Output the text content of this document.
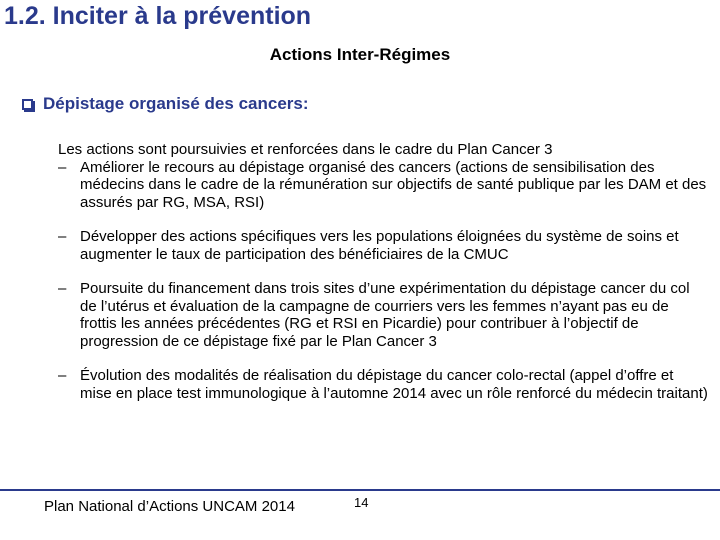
1.2. Inciter à la prévention
Actions Inter-Régimes
Dépistage organisé des cancers:

Les actions sont poursuivies et renforcées dans le cadre du Plan Cancer 3

– Améliorer le recours au dépistage organisé des cancers (actions de sensibilisation des médecins dans le cadre de la rémunération sur objectifs de santé publique par les DAM et des assurés par RG, MSA, RSI)
– Développer des actions spécifiques vers les populations éloignées du système de soins et augmenter le taux de participation des bénéficiaires de la CMUC
– Poursuite du financement dans trois sites d’une expérimentation du dépistage cancer du col de l’utérus et évaluation de la campagne de courriers vers les femmes n’ayant pas eu de frottis les années précédentes (RG et RSI en Picardie) pour contribuer à l’objectif de progression de ce dépistage fixé par le Plan Cancer 3
– Évolution des modalités de réalisation du dépistage du cancer colo-rectal (appel d’offre et mise en place test immunologique à l’automne 2014 avec un rôle renforcé du médecin traitant)
Plan National d’Actions UNCAM 2014	14
